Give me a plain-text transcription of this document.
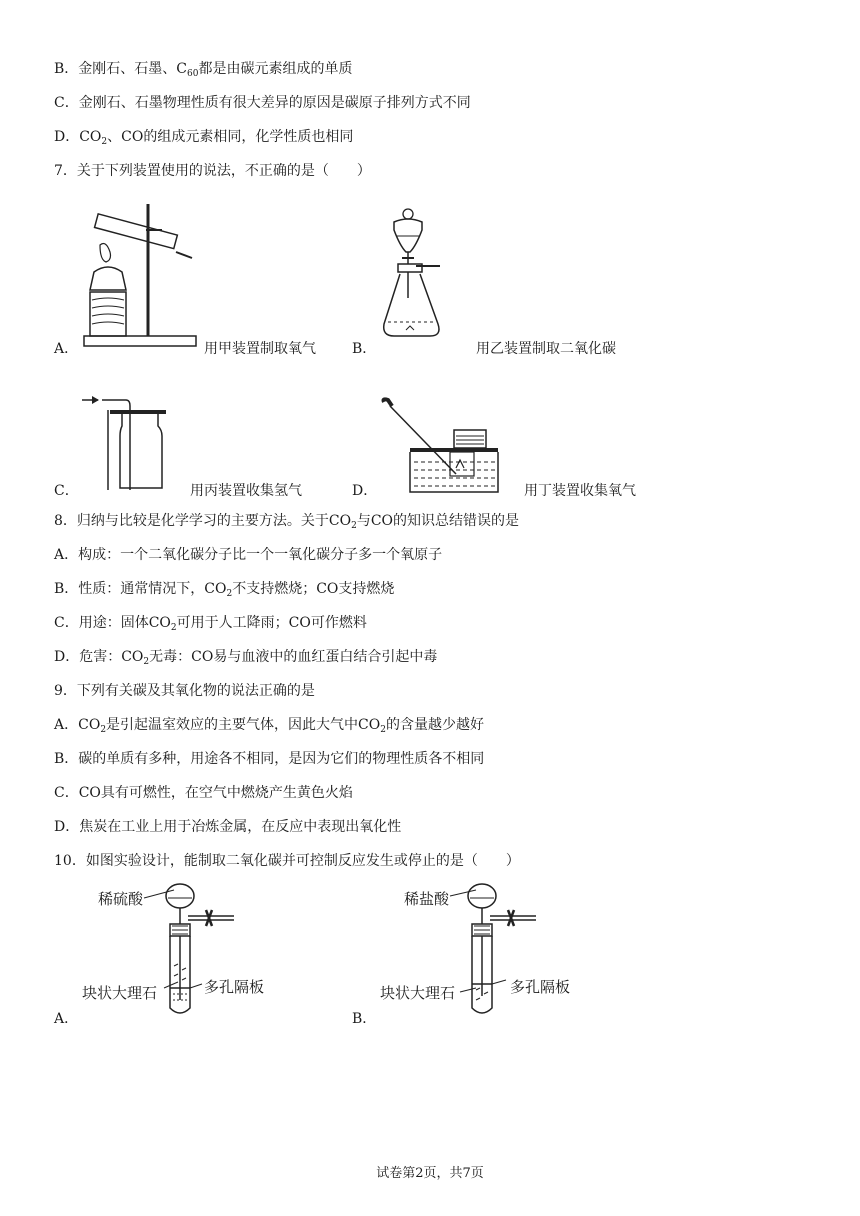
B．金刚石、石墨、$C_{60}$都是由碳元素组成的单质
C．金刚石、石墨物理性质有很大差异的原因是碳原子排列方式不同
D．$CO_2$、CO的组成元素相同，化学性质也相同
7．关于下列装置使用的说法，不正确的是（　　）
A．	用甲装置制取氧气	B．	用乙装置制取二氧化碳
C．	用丙装置收集氢气	D．	用丁装置收集氧气
8．归纳与比较是化学学习的主要方法。关于$CO_2$与CO的知识总结错误的是
A．构成：一个二氧化碳分子比一个一氧化碳分子多一个氧原子
B．性质：通常情况下，$CO_2$不支持燃烧；CO支持燃烧
C．用途：固体$CO_2$可用于人工降雨；CO可作燃料
D．危害：$CO_2$无毒：CO易与血液中的血红蛋白结合引起中毒
9．下列有关碳及其氧化物的说法正确的是
A．$CO_2$是引起温室效应的主要气体，因此大气中$CO_2$的含量越少越好
B．碳的单质有多种，用途各不相同，是因为它们的物理性质各不相同
C．CO具有可燃性，在空气中燃烧产生黄色火焰
D．焦炭在工业上用于冶炼金属，在反应中表现出氧化性
10．如图实验设计，能制取二氧化碳并可控制反应发生或停止的是（　　）
稀硫酸
块状大理石	多孔隔板
A．
稀盐酸
块状大理石	多孔隔板
B．
试卷第2页，共7页
